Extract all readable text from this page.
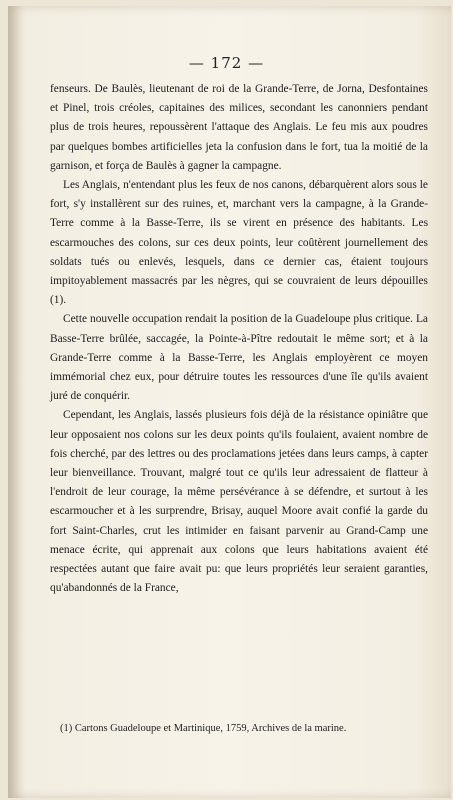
— 172 —

fenseurs. De Baulès, lieutenant de roi de la Grande-Terre, de Jorna, Desfontaines et Pinel, trois créoles, capitaines des milices, secondant les canonniers pendant plus de trois heures, repoussèrent l'attaque des Anglais. Le feu mis aux poudres par quelques bombes artificielles jeta la confusion dans le fort, tua la moitié de la garnison, et força de Baulès à gagner la campagne.

Les Anglais, n'entendant plus les feux de nos canons, débarquèrent alors sous le fort, s'y installèrent sur des ruines, et, marchant vers la campagne, à la Grande-Terre comme à la Basse-Terre, ils se virent en présence des habitants. Les escarmouches des colons, sur ces deux points, leur coûtèrent journellement des soldats tués ou enlevés, lesquels, dans ce dernier cas, étaient toujours impitoyablement massacrés par les nègres, qui se couvraient de leurs dépouilles (1).

Cette nouvelle occupation rendait la position de la Guadeloupe plus critique. La Basse-Terre brûlée, saccagée, la Pointe-à-Pître redoutait le même sort; et à la Grande-Terre comme à la Basse-Terre, les Anglais employèrent ce moyen immémorial chez eux, pour détruire toutes les ressources d'une île qu'ils avaient juré de conquérir.

Cependant, les Anglais, lassés plusieurs fois déjà de la résistance opiniâtre que leur opposaient nos colons sur les deux points qu'ils foulaient, avaient nombre de fois cherché, par des lettres ou des proclamations jetées dans leurs camps, à capter leur bienveillance. Trouvant, malgré tout ce qu'ils leur adressaient de flatteur à l'endroit de leur courage, la même persévérance à se défendre, et surtout à les escarmoucher et à les surprendre, Brisay, auquel Moore avait confié la garde du fort Saint-Charles, crut les intimider en faisant parvenir au Grand-Camp une menace écrite, qui apprenait aux colons que leurs habitations avaient été respectées autant que faire avait pu: que leurs propriétés leur seraient garanties, qu'abandonnés de la France,

(1) Cartons Guadeloupe et Martinique, 1759, Archives de la marine.
